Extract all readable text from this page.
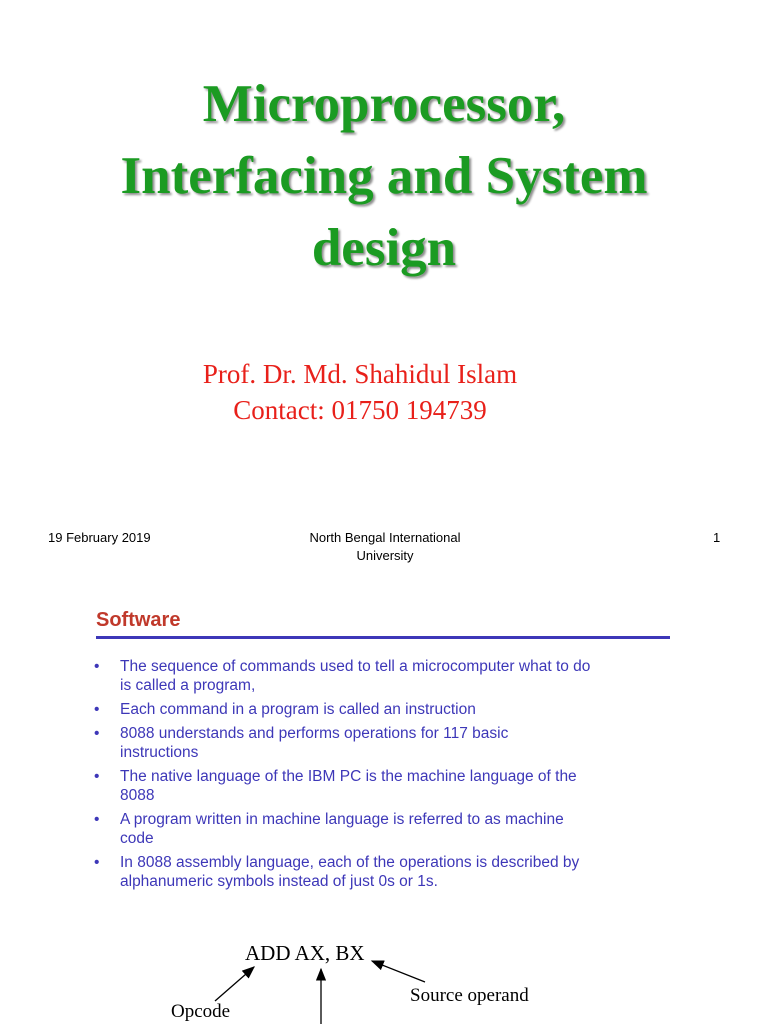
Microprocessor,
Interfacing and System
design
Prof. Dr. Md. Shahidul Islam
Contact: 01750 194739
19 February 2019	North Bengal International
University
1
Software
• The sequence of commands used to tell a microcomputer what to do
is called a program,
• Each command in a program is called an instruction
• 8088 understands and performs operations for 117 basic
instructions
• The native language of the IBM PC is the machine language of the
8088
• A program written in machine language is referred to as machine
code
• In 8088 assembly language, each of the operations is described by
alphanumeric symbols instead of just 0s or 1s.
ADD AX, BX
Opcode
Source operand
